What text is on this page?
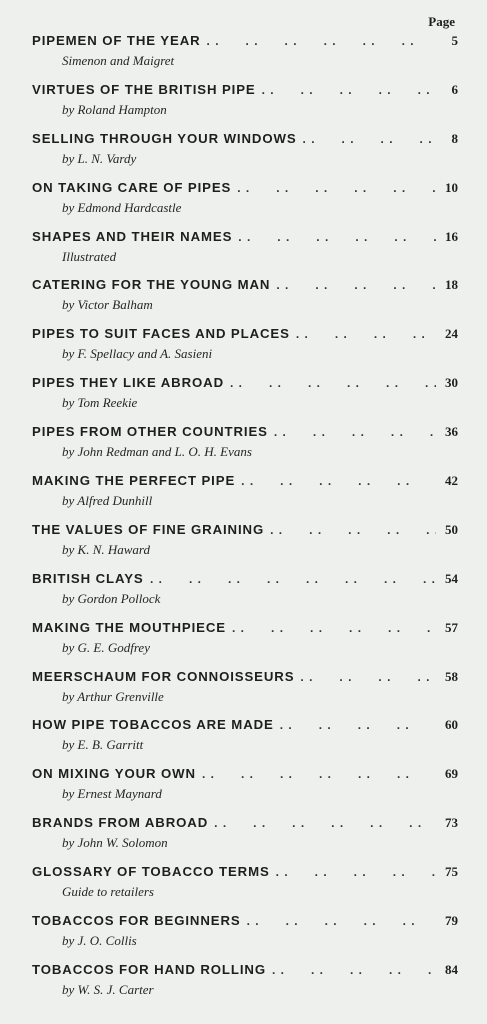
Page
PIPEMEN OF THE YEAR . .	5
Simenon and Maigret
VIRTUES OF THE BRITISH PIPE . .	6
by Roland Hampton
SELLING THROUGH YOUR WINDOWS . .	8
by L. N. Vardy
ON TAKING CARE OF PIPES . .	10
by Edmond Hardcastle
SHAPES AND THEIR NAMES . .	16
Illustrated
CATERING FOR THE YOUNG MAN . .	18
by Victor Balham
PIPES TO SUIT FACES AND PLACES . .	24
by F. Spellacy and A. Sasieni
PIPES THEY LIKE ABROAD . .	30
by Tom Reekie
PIPES FROM OTHER COUNTRIES . .	36
by John Redman and L. O. H. Evans
MAKING THE PERFECT PIPE . .	42
by Alfred Dunhill
THE VALUES OF FINE GRAINING . .	50
by K. N. Haward
BRITISH CLAYS . .	54
by Gordon Pollock
MAKING THE MOUTHPIECE . .	57
by G. E. Godfrey
MEERSCHAUM FOR CONNOISSEURS . .	58
by Arthur Grenville
HOW PIPE TOBACCOS ARE MADE . .	60
by E. B. Garritt
ON MIXING YOUR OWN . .	69
by Ernest Maynard
BRANDS FROM ABROAD . .	73
by John W. Solomon
GLOSSARY OF TOBACCO TERMS . .	75
Guide to retailers
TOBACCOS FOR BEGINNERS . .	79
by J. O. Collis
TOBACCOS FOR HAND ROLLING . .	84
by W. S. J. Carter
